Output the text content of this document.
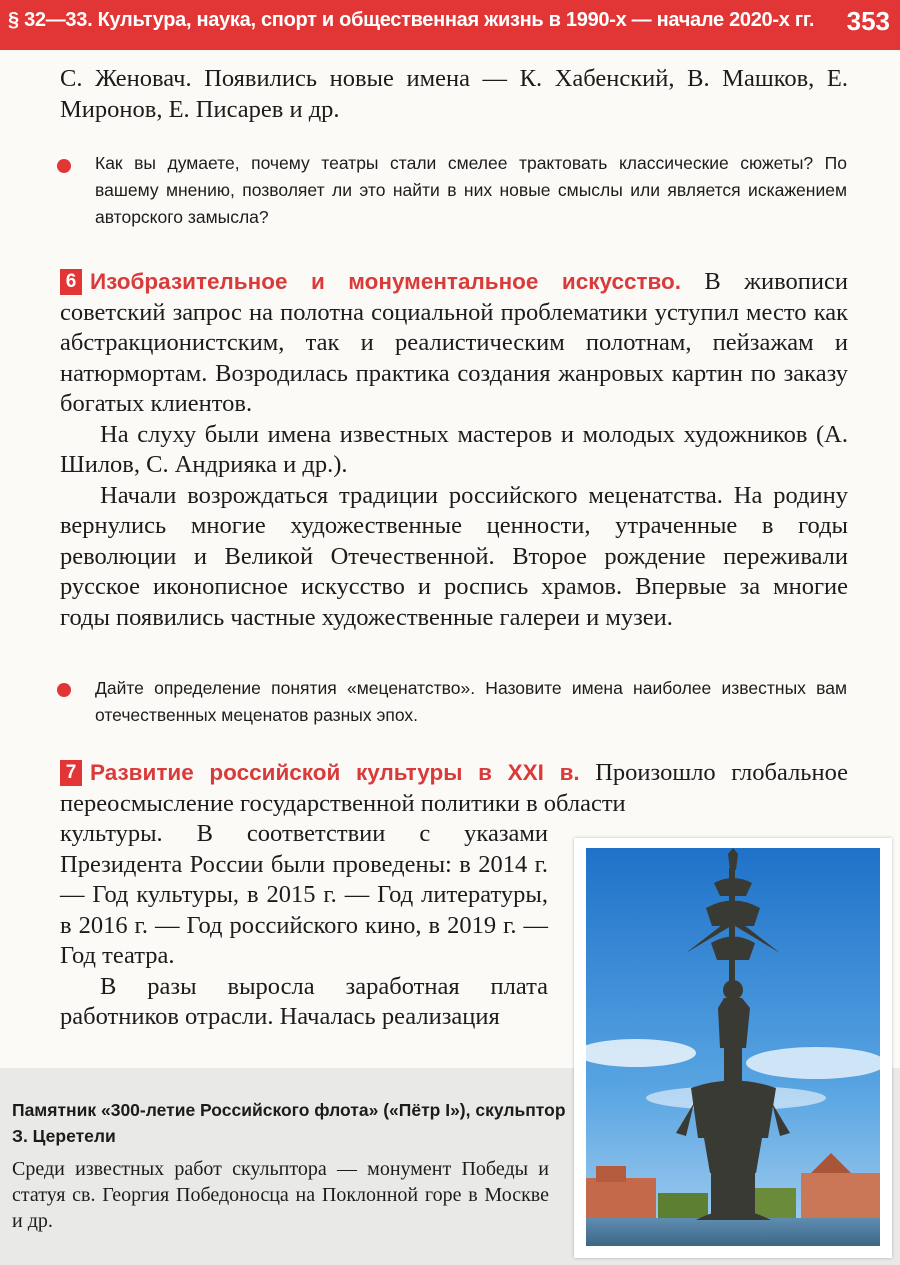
§ 32—33. Культура, наука, спорт и общественная жизнь в 1990-х — начале 2020-х гг. 353

С. Женовач. Появились новые имена — К. Хабенский, В. Машков, Е. Миронов, Е. Писарев и др.

Как вы думаете, почему театры стали смелее трактовать классические сюжеты? По вашему мнению, позволяет ли это найти в них новые смыслы или является искажением авторского замысла?

6 Изобразительное и монументальное искусство. В живописи советский запрос на полотна социальной проблематики уступил место как абстракционистским, так и реалистическим полотнам, пейзажам и натюрмортам. Возродилась практика создания жанровых картин по заказу богатых клиентов.
На слуху были имена известных мастеров и молодых художников (А. Шилов, С. Андрияка и др.).
Начали возрождаться традиции российского меценатства. На родину вернулись многие художественные ценности, утраченные в годы революции и Великой Отечественной. Второе рождение переживали русское иконописное искусство и роспись храмов. Впервые за многие годы появились частные художественные галереи и музеи.

Дайте определение понятия «меценатство». Назовите имена наиболее известных вам отечественных меценатов разных эпох.

7 Развитие российской культуры в XXI в. Произошло глобальное переосмысление государственной политики в области
культуры. В соответствии с указами Президента России были проведены: в 2014 г. — Год культуры, в 2015 г. — Год литературы, в 2016 г. — Год российского кино, в 2019 г. — Год театра.
В разы выросла заработная плата работников отрасли. Началась реализация
Памятник «300-летие Российского флота» («Пётр I»), скульптор З. Церетели
Среди известных работ скульптора — монумент Победы и статуя св. Георгия Победоносца на Поклонной горе в Москве и др.
